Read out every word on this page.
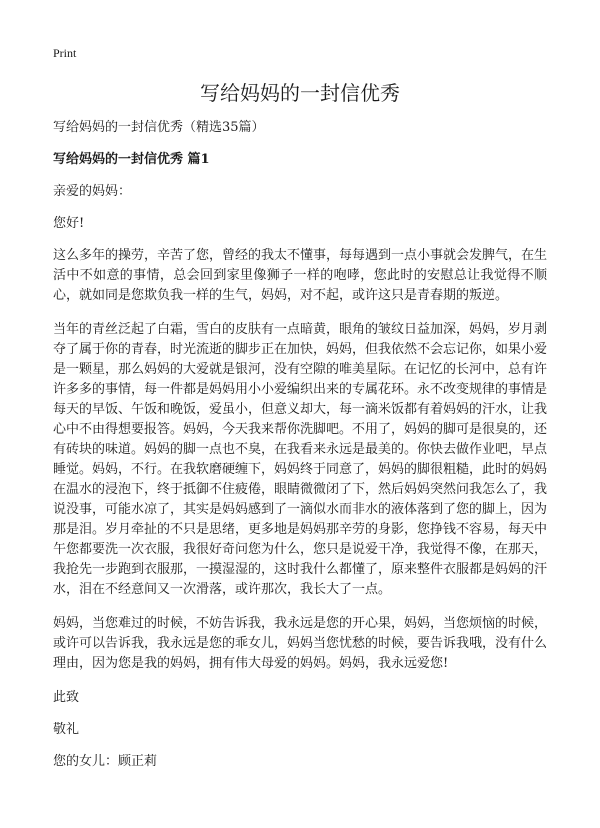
Print
写给妈妈的一封信优秀

写给妈妈的一封信优秀（精选35篇）

写给妈妈的一封信优秀 篇1

亲爱的妈妈：

您好!

这么多年的操劳，辛苦了您，曾经的我太不懂事，每每遇到一点小事就会发脾气，在生活中不如意的事情，总会回到家里像狮子一样的咆哮，您此时的安慰总让我觉得不顺心，就如同是您欺负我一样的生气，妈妈，对不起，或许这只是青春期的叛逆。

当年的青丝泛起了白霜，雪白的皮肤有一点暗黄，眼角的皱纹日益加深，妈妈，岁月剥夺了属于你的青春，时光流逝的脚步正在加快，妈妈，但我依然不会忘记你，如果小爱是一颗星，那么妈妈的大爱就是银河，没有空隙的唯美星际。在记忆的长河中，总有许许多多的事情，每一件都是妈妈用小小爱编织出来的专属花环。永不改变规律的事情是每天的早饭、午饭和晚饭，爱虽小，但意义却大，每一滴米饭都有着妈妈的汗水，让我心中不由得想要报答。妈妈，今天我来帮你洗脚吧。不用了，妈妈的脚可是很臭的，还有砖块的味道。妈妈的脚一点也不臭，在我看来永远是最美的。你快去做作业吧，早点睡觉。妈妈，不行。在我软磨硬缠下，妈妈终于同意了，妈妈的脚很粗糙，此时的妈妈在温水的浸泡下，终于抵御不住疲倦，眼睛微微闭了下，然后妈妈突然问我怎么了，我说没事，可能水凉了，其实是妈妈感到了一滴似水而非水的液体落到了您的脚上，因为那是泪。岁月牵扯的不只是思绪，更多地是妈妈那辛劳的身影，您挣钱不容易，每天中午您都要洗一次衣服，我很好奇问您为什么，您只是说爱干净，我觉得不像，在那天，我抢先一步跑到衣服那，一摸湿湿的，这时我什么都懂了，原来整件衣服都是妈妈的汗水，泪在不经意间又一次滑落，或许那次，我长大了一点。

妈妈，当您难过的时候，不妨告诉我，我永远是您的开心果，妈妈，当您烦恼的时候，或许可以告诉我，我永远是您的乖女儿，妈妈当您忧愁的时候，要告诉我哦，没有什么理由，因为您是我的妈妈，拥有伟大母爱的妈妈。妈妈，我永远爱您!

此致

敬礼

您的女儿：顾正莉
